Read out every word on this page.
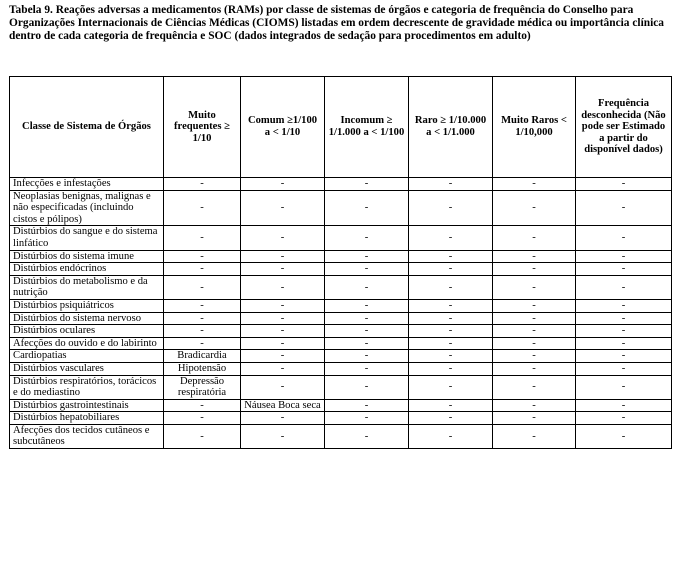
Tabela 9. Reações adversas a medicamentos (RAMs) por classe de sistemas de órgãos e categoria de frequência do Conselho para Organizações Internacionais de Ciências Médicas (CIOMS) listadas em ordem decrescente de gravidade médica ou importância clínica dentro de cada categoria de frequência e SOC (dados integrados de sedação para procedimentos em adulto)
Classe de Sistema de Órgãos	Muito frequentes ≥ 1/10	Comum ≥1/100 a < 1/10	Incomum ≥ 1/1.000 a < 1/100	Raro ≥ 1/10.000 a < 1/1.000	Muito Raros < 1/10,000	Frequência desconhecida (Não pode ser Estimado a partir do disponível dados)
Infecções e infestações	-	-	-	-	-	-
Neoplasias benignas, malignas e não especificadas (incluindo cistos e pólipos)	-	-	-	-	-	-
Distúrbios do sangue e do sistema linfático	-	-	-	-	-	-
Distúrbios do sistema imune	-	-	-	-	-	-
Distúrbios endócrinos	-	-	-	-	-	-
Distúrbios do metabolismo e da nutrição	-	-	-	-	-	-
Distúrbios psiquiátricos	-	-	-	-	-	-
Distúrbios do sistema nervoso	-	-	-	-	-	-
Distúrbios oculares	-	-	-	-	-	-
Afecções do ouvido e do labirinto	-	-	-	-	-	-
Cardiopatias	Bradicardia	-	-	-	-	-
Distúrbios vasculares	Hipotensão	-	-	-	-	-
Distúrbios respiratórios, torácicos e do mediastino	Depressão respiratória	-	-	-	-	-
Distúrbios gastrointestinais	-	Náusea Boca seca	-	-	-	-
Distúrbios hepatobiliares	-	-	-	-	-	-
Afecções dos tecidos cutâneos e subcutâneos	-	-	-	-	-	-
